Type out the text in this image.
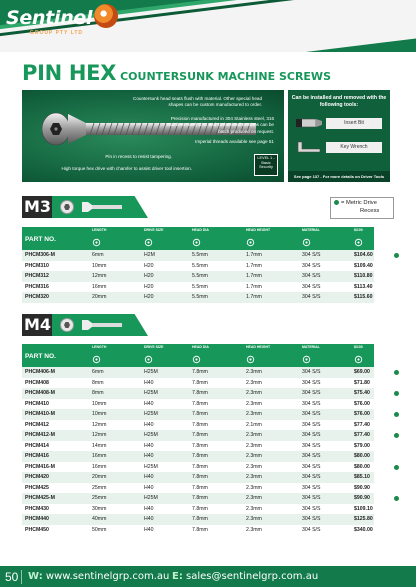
Sentinel
GROUP PTY LTD
PIN HEX COUNTERSUNK MACHINE SCREWS
Countersunk head seats flush with material. Other special head shapes can be custom manufactured to order.
Precision manufactured in 304 Stainless steel, 316 Stainless steel, Zinc and Galvanised versions can be batch produced on request.
Imperial threads available see page 51
Pin in recess to resist tampering.
High torque hex drive with chamfer to assist driver tool insertion.
LEVEL 1 - Basic Security
Can be installed and removed with the following tools:
Insert Bit
Key Wrench
See page 137 - For more details on Driver Tools
M3	= Metric Drive
Recess
PART NO.
LENGTH	DRIVE SIZE	HEAD DIA	HEAD HEIGHT	MATERIAL	$/100
PHCM306-M	6mm	H2M	5.5mm	1.7mm	304 S/S	$104.60
PHCM310	10mm	H20	5.5mm	1.7mm	304 S/S	$109.40
PHCM312	12mm	H20	5.5mm	1.7mm	304 S/S	$110.80
PHCM316	16mm	H20	5.5mm	1.7mm	304 S/S	$113.40
PHCM320	20mm	H20	5.5mm	1.7mm	304 S/S	$115.60
M4
PART NO.
LENGTH	DRIVE SIZE	HEAD DIA	HEAD HEIGHT	MATERIAL	$/100
PHCM406-M	6mm	H25M	7.8mm	2.3mm	304 S/S	$69.00
PHCM408	8mm	H40	7.8mm	2.3mm	304 S/S	$71.80
PHCM408-M	8mm	H25M	7.8mm	2.3mm	304 S/S	$75.40
PHCM410	10mm	H40	7.8mm	2.3mm	304 S/S	$76.00
PHCM410-M	10mm	H25M	7.8mm	2.3mm	304 S/S	$76.00
PHCM412	12mm	H40	7.8mm	2.1mm	304 S/S	$77.40
PHCM412-M	12mm	H25M	7.8mm	2.3mm	304 S/S	$77.40
PHCM414	14mm	H40	7.8mm	2.3mm	304 S/S	$79.00
PHCM416	16mm	H40	7.8mm	2.3mm	304 S/S	$80.00
PHCM416-M	16mm	H25M	7.8mm	2.3mm	304 S/S	$80.00
PHCM420	20mm	H40	7.8mm	2.3mm	304 S/S	$85.10
PHCM425	25mm	H40	7.8mm	2.3mm	304 S/S	$90.90
PHCM425-M	25mm	H25M	7.8mm	2.3mm	304 S/S	$90.90
PHCM430	30mm	H40	7.8mm	2.3mm	304 S/S	$109.10
PHCM440	40mm	H40	7.8mm	2.3mm	304 S/S	$125.80
PHCM450	50mm	H40	7.8mm	2.3mm	304 S/S	$340.00
50 W: www.sentinelgrp.com.au E: sales@sentinelgrp.com.au
